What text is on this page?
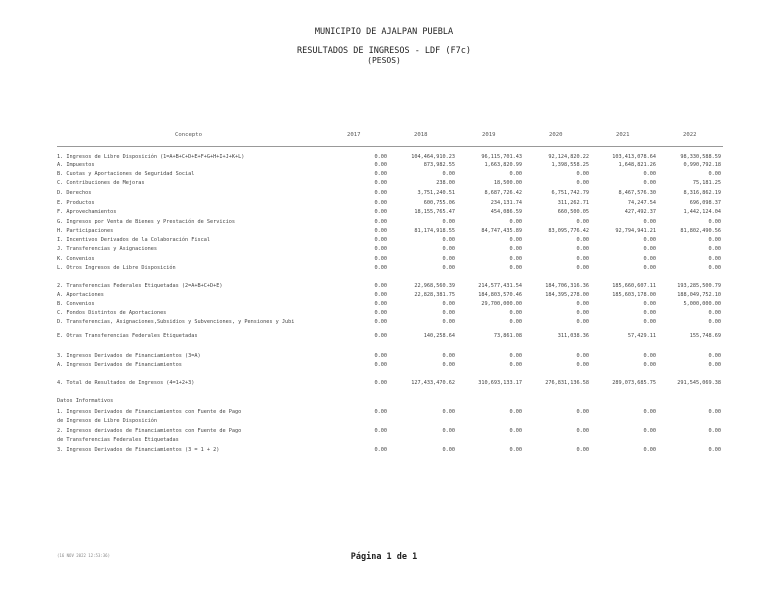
MUNICIPIO DE AJALPAN PUEBLA
RESULTADOS DE INGRESOS - LDF (F7c)
(PESOS)
Concepto	2017	2018	2019	2020	2021	2022
1. Ingresos de Libre Disposición (1=A+B+C+D+E+F+G+H+I+J+K+L)	0.00	104,464,910.23	96,115,701.43	92,124,820.22	103,413,078.64	98,330,588.59
A. Impuestos	0.00	873,982.55	1,663,820.99	1,398,558.25	1,648,821.26	0,990,792.18
B. Cuotas y Aportaciones de Seguridad Social	0.00	0.00	0.00	0.00	0.00	0.00
C. Contribuciones de Mejoras	0.00	238.00	18,500.00	0.00	0.00	75,181.25
D. Derechos	0.00	3,751,240.51	8,687,726.42	6,751,742.79	8,467,576.30	8,316,862.19
E. Productos	0.00	600,755.06	234,131.74	311,262.71	74,247.54	696,098.37
F. Aprovechamientos	0.00	18,155,765.47	454,086.59	660,500.05	427,492.37	1,442,124.04
G. Ingresos por Venta de Bienes y Prestación de Servicios	0.00	0.00	0.00	0.00	0.00	0.00
H. Participaciones	0.00	81,174,918.55	84,747,435.89	83,095,776.42	92,794,941.21	81,802,490.56
I. Incentivos Derivados de la Colaboración Fiscal	0.00	0.00	0.00	0.00	0.00	0.00
J. Transferencias y Asignaciones	0.00	0.00	0.00	0.00	0.00	0.00
K. Convenios	0.00	0.00	0.00	0.00	0.00	0.00
L. Otros Ingresos de Libre Disposición	0.00	0.00	0.00	0.00	0.00	0.00
2. Transferencias Federales Etiquetadas (2=A+B+C+D+E)	0.00	22,968,560.39	214,577,431.54	184,706,316.36	185,660,607.11	193,285,500.79
A. Aportaciones	0.00	22,828,381.75	184,803,570.46	184,395,278.00	185,603,178.00	188,049,752.10
B. Convenios	0.00	0.00	29,700,000.00	0.00	0.00	5,000,000.00
C. Fondos Distintos de Aportaciones	0.00	0.00	0.00	0.00	0.00	0.00
D. Transferencias, Asignaciones,Subsidios y Subvenciones, y Pensiones y Jubi	0.00	0.00	0.00	0.00	0.00	0.00
E. Otras Transferencias Federales Etiquetadas	0.00	140,258.64	73,861.08	311,038.36	57,429.11	155,748.69
3. Ingresos Derivados de Financiamientos (3=A)	0.00	0.00	0.00	0.00	0.00	0.00
A. Ingresos Derivados de Financiamientos	0.00	0.00	0.00	0.00	0.00	0.00
4. Total de Resultados de Ingresos (4=1+2+3)	0.00	127,433,470.62	310,693,133.17	276,831,136.58	289,073,685.75	291,545,069.38
Datos Informativos
1. Ingresos Derivados de Financiamientos con Fuente de Pago	0.00	0.00	0.00	0.00	0.00	0.00
de Ingresos de Libre Disposición
2. Ingresos derivados de Financiamientos con Fuente de Pago	0.00	0.00	0.00	0.00	0.00	0.00
de Transferencias Federales Etiquetadas
3. Ingresos Derivados de Financiamientos (3 = 1 + 2)	0.00	0.00	0.00	0.00	0.00	0.00
(16 NOV 2022 12:53:36)	Página 1 de 1
